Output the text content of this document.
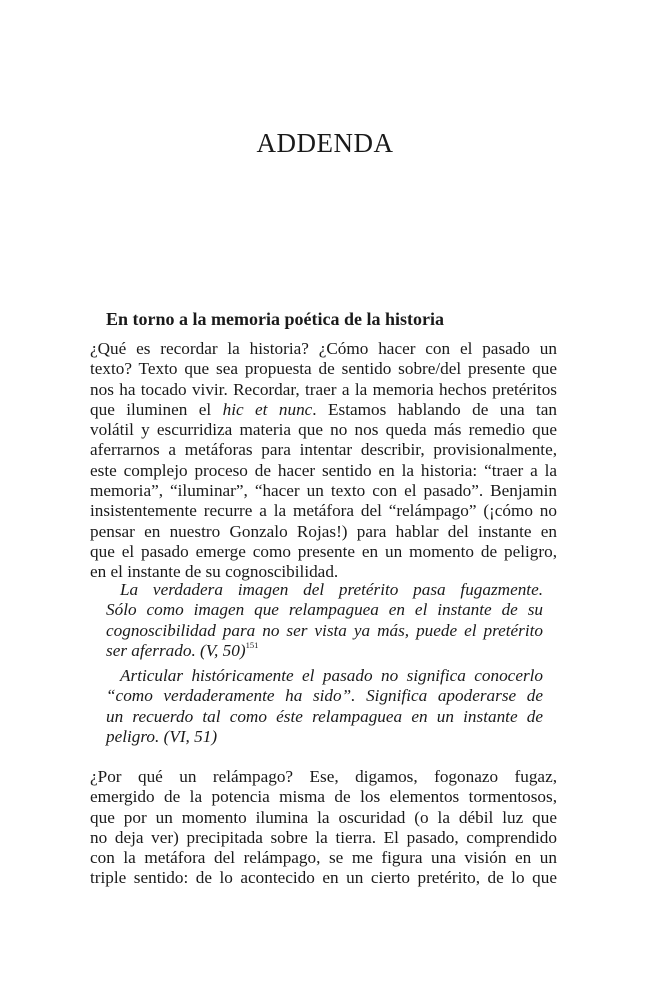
ADDENDA
En torno a la memoria poética de la historia
¿Qué es recordar la historia? ¿Cómo hacer con el pasado un
texto? Texto que sea propuesta de sentido sobre/del presente que
nos ha tocado vivir. Recordar, traer a la memoria hechos pretéritos
que iluminen el hic et nunc. Estamos hablando de una tan
volátil y escurridiza materia que no nos queda más remedio que
aferrarnos a metáforas para intentar describir, provisionalmente,
este complejo proceso de hacer sentido en la historia: “traer a la
memoria”, “iluminar”, “hacer un texto con el pasado”. Benjamin
insistentemente recurre a la metáfora del “relámpago” (¡cómo no
pensar en nuestro Gonzalo Rojas!) para hablar del instante en
que el pasado emerge como presente en un momento de peligro,
en el instante de su cognoscibilidad.
La verdadera imagen del pretérito pasa fugazmente.
Sólo como imagen que relampaguea en el instante de su
cognoscibilidad para no ser vista ya más, puede el pretérito
ser aferrado. (V, 50)$^{151}$
Articular históricamente el pasado no significa conocerlo
“como verdaderamente ha sido”. Significa apoderarse de
un recuerdo tal como éste relampaguea en un instante de
peligro. (VI, 51)
¿Por qué un relámpago? Ese, digamos, fogonazo fugaz,
emergido de la potencia misma de los elementos tormentosos,
que por un momento ilumina la oscuridad (o la débil luz que
no deja ver) precipitada sobre la tierra. El pasado, comprendido
con la metáfora del relámpago, se me figura una visión en un
triple sentido: de lo acontecido en un cierto pretérito, de lo que
